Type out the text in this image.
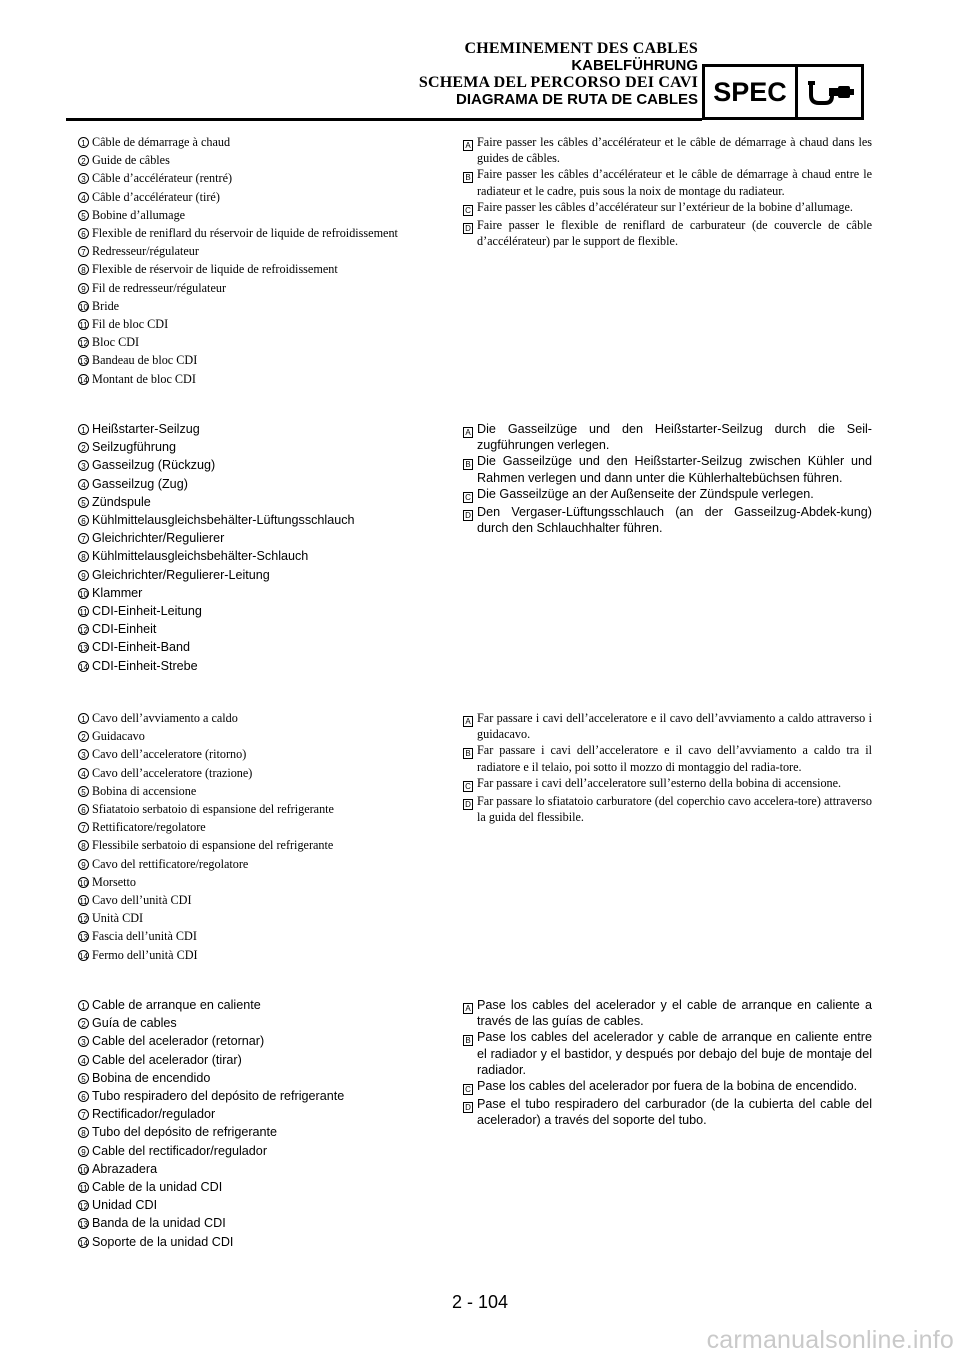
CHEMINEMENT DES CABLES
KABELFÜHRUNG
SCHEMA DEL PERCORSO DEI CAVI
DIAGRAMA DE RUTA DE CABLES SPEC
1 Câble de démarrage à chaud
2 Guide de câbles
3 Câble d’accélérateur (rentré)
4 Câble d’accélérateur (tiré)
5 Bobine d’allumage
6 Flexible de reniflard du réservoir de liquide de refroidissement
7 Redresseur/régulateur
8 Flexible de réservoir de liquide de refroidissement
9 Fil de redresseur/régulateur
10 Bride
11 Fil de bloc CDI
12 Bloc CDI
13 Bandeau de bloc CDI
14 Montant de bloc CDI
A Faire passer les câbles d’accélérateur et le câble de démarrage à chaud dans les guides de câbles.
B Faire passer les câbles d’accélérateur et le câble de démarrage à chaud entre le radiateur et le cadre, puis sous la noix de montage du radiateur.
C Faire passer les câbles d’accélérateur sur l’extérieur de la bobine d’allumage.
D Faire passer le flexible de reniflard de carburateur (de couvercle de câble d’accélérateur) par le support de flexible.
1 Heißstarter-Seilzug
2 Seilzugführung
3 Gasseilzug (Rückzug)
4 Gasseilzug (Zug)
5 Zündspule
6 Kühlmittelausgleichsbehälter-Lüftungsschlauch
7 Gleichrichter/Regulierer
8 Kühlmittelausgleichsbehälter-Schlauch
9 Gleichrichter/Regulierer-Leitung
10 Klammer
11 CDI-Einheit-Leitung
12 CDI-Einheit
13 CDI-Einheit-Band
14 CDI-Einheit-Strebe
A Die Gasseilzüge und den Heißstarter-Seilzug durch die Seil-zugführungen verlegen.
B Die Gasseilzüge und den Heißstarter-Seilzug zwischen Kühler und Rahmen verlegen und dann unter die Kühlerhaltebüchsen führen.
C Die Gasseilzüge an der Außenseite der Zündspule verlegen.
D Den Vergaser-Lüftungsschlauch (an der Gasseilzug-Abdek-kung) durch den Schlauchhalter führen.
1 Cavo dell’avviamento a caldo
2 Guidacavo
3 Cavo dell’acceleratore (ritorno)
4 Cavo dell’acceleratore (trazione)
5 Bobina di accensione
6 Sfiatatoio serbatoio di espansione del refrigerante
7 Rettificatore/regolatore
8 Flessibile serbatoio di espansione del refrigerante
9 Cavo del rettificatore/regolatore
10 Morsetto
11 Cavo dell’unità CDI
12 Unità CDI
13 Fascia dell’unità CDI
14 Fermo dell’unità CDI
A Far passare i cavi dell’acceleratore e il cavo dell’avviamento a caldo attraverso i guidacavo.
B Far passare i cavi dell’acceleratore e il cavo dell’avviamento a caldo tra il radiatore e il telaio, poi sotto il mozzo di montaggio del radia-tore.
C Far passare i cavi dell’acceleratore sull’esterno della bobina di accensione.
D Far passare lo sfiatatoio carburatore (del coperchio cavo accelera-tore) attraverso la guida del flessibile.
1 Cable de arranque en caliente
2 Guía de cables
3 Cable del acelerador (retornar)
4 Cable del acelerador (tirar)
5 Bobina de encendido
6 Tubo respiradero del depósito de refrigerante
7 Rectificador/regulador
8 Tubo del depósito de refrigerante
9 Cable del rectificador/regulador
10 Abrazadera
11 Cable de la unidad CDI
12 Unidad CDI
13 Banda de la unidad CDI
14 Soporte de la unidad CDI
A Pase los cables del acelerador y el cable de arranque en caliente a través de las guías de cables.
B Pase los cables del acelerador y cable de arranque en caliente entre el radiador y el bastidor, y después por debajo del buje de montaje del radiador.
C Pase los cables del acelerador por fuera de la bobina de encendido.
D Pase el tubo respiradero del carburador (de la cubierta del cable del acelerador) a través del soporte del tubo.
2 - 104
carmanualsonline.info
